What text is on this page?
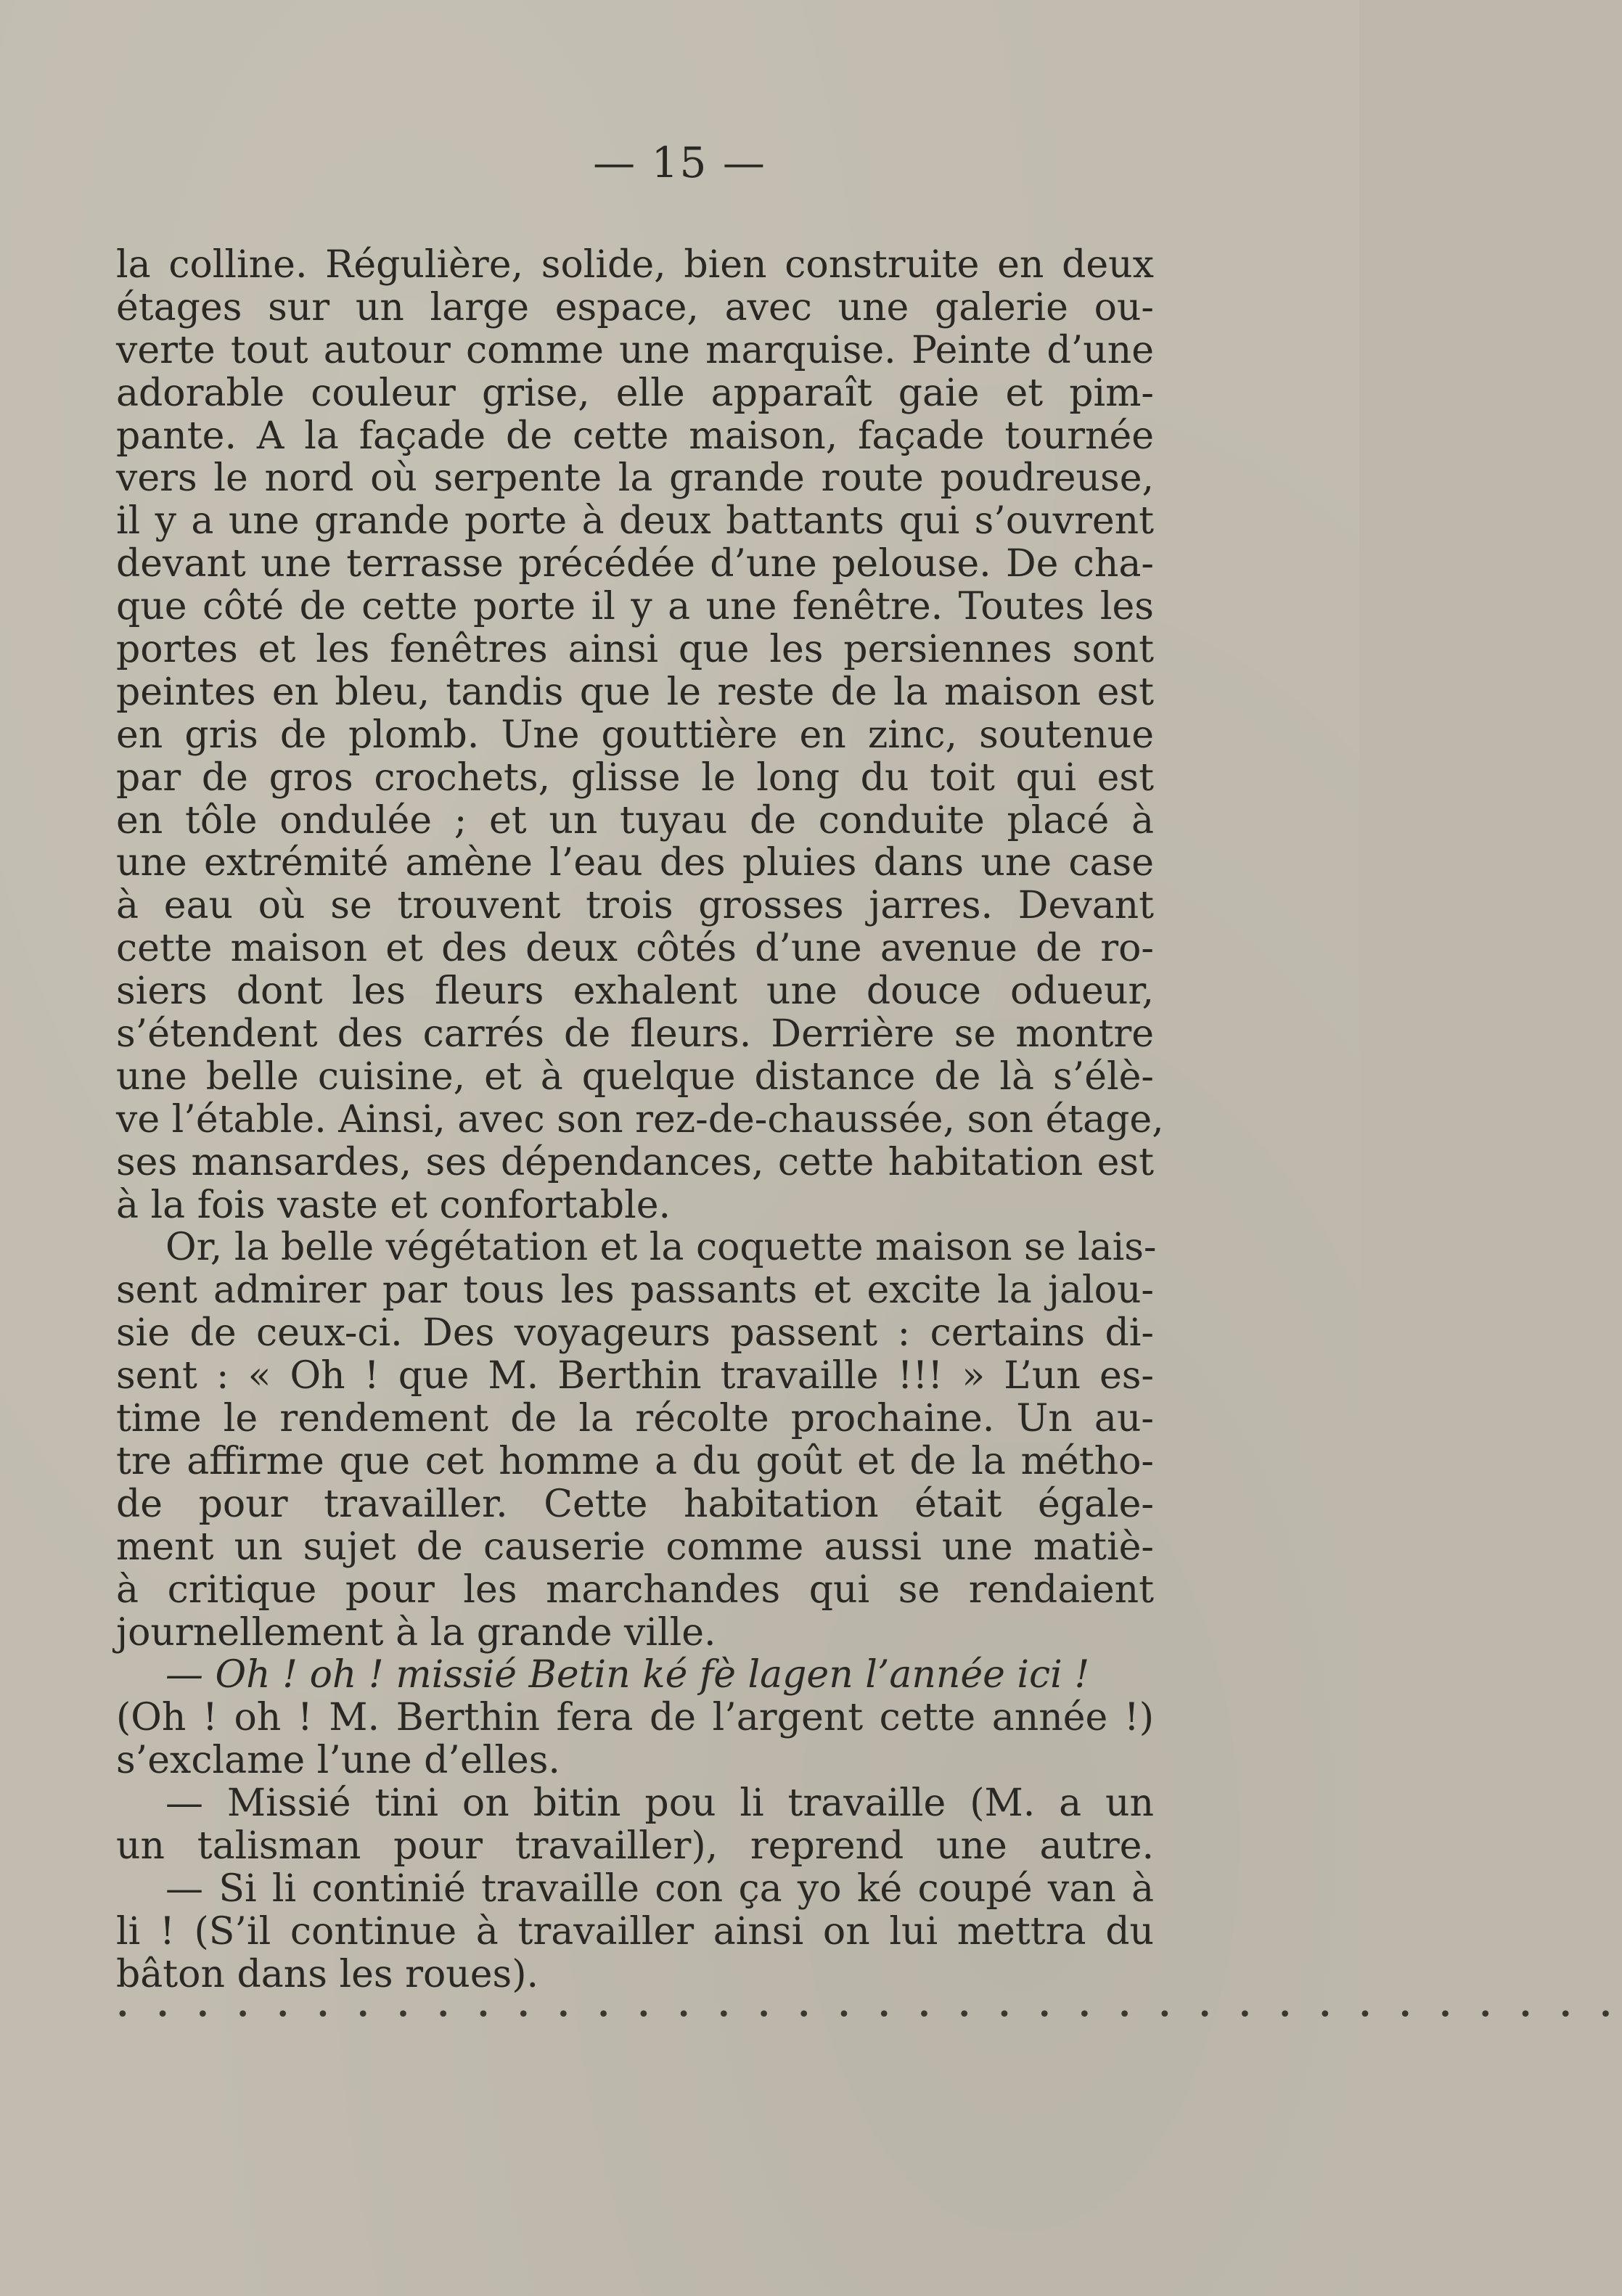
— 15 —
la colline. Régulière, solide, bien construite en deux
étages sur un large espace, avec une galerie ou-
verte tout autour comme une marquise. Peinte d’une
adorable couleur grise, elle apparaît gaie et pim-
pante. A la façade de cette maison, façade tournée
vers le nord où serpente la grande route poudreuse,
il y a une grande porte à deux battants qui s’ouvrent
devant une terrasse précédée d’une pelouse. De cha-
que côté de cette porte il y a une fenêtre. Toutes les
portes et les fenêtres ainsi que les persiennes sont
peintes en bleu, tandis que le reste de la maison est
en gris de plomb. Une gouttière en zinc, soutenue
par de gros crochets, glisse le long du toit qui est
en tôle ondulée ; et un tuyau de conduite placé à
une extrémité amène l’eau des pluies dans une case
à eau où se trouvent trois grosses jarres. Devant
cette maison et des deux côtés d’une avenue de ro-
siers dont les fleurs exhalent une douce odueur,
s’étendent des carrés de fleurs. Derrière se montre
une belle cuisine, et à quelque distance de là s’élè-
ve l’étable. Ainsi, avec son rez-de-chaussée, son étage,
ses mansardes, ses dépendances, cette habitation est
à la fois vaste et confortable.
Or, la belle végétation et la coquette maison se lais-
sent admirer par tous les passants et excite la jalou-
sie de ceux-ci. Des voyageurs passent : certains di-
sent : « Oh ! que M. Berthin travaille !!! » L’un es-
time le rendement de la récolte prochaine. Un au-
tre affirme que cet homme a du goût et de la métho-
de pour travailler. Cette habitation était égale-
ment un sujet de causerie comme aussi une matiè-
à critique pour les marchandes qui se rendaient
journellement à la grande ville.
— Oh ! oh ! missié Betin ké fè lagen l’année ici !
(Oh ! oh ! M. Berthin fera de l’argent cette année !)
s’exclame l’une d’elles.
— Missié tini on bitin pou li travaille (M. a un
un talisman pour travailler), reprend une autre.
— Si li continié travaille con ça yo ké coupé van à
li ! (S’il continue à travailler ainsi on lui mettra du
bâton dans les roues).
• • • • • • • • • • • • • • • • • • • • • • • • • • • • • • • • • • • • • •
